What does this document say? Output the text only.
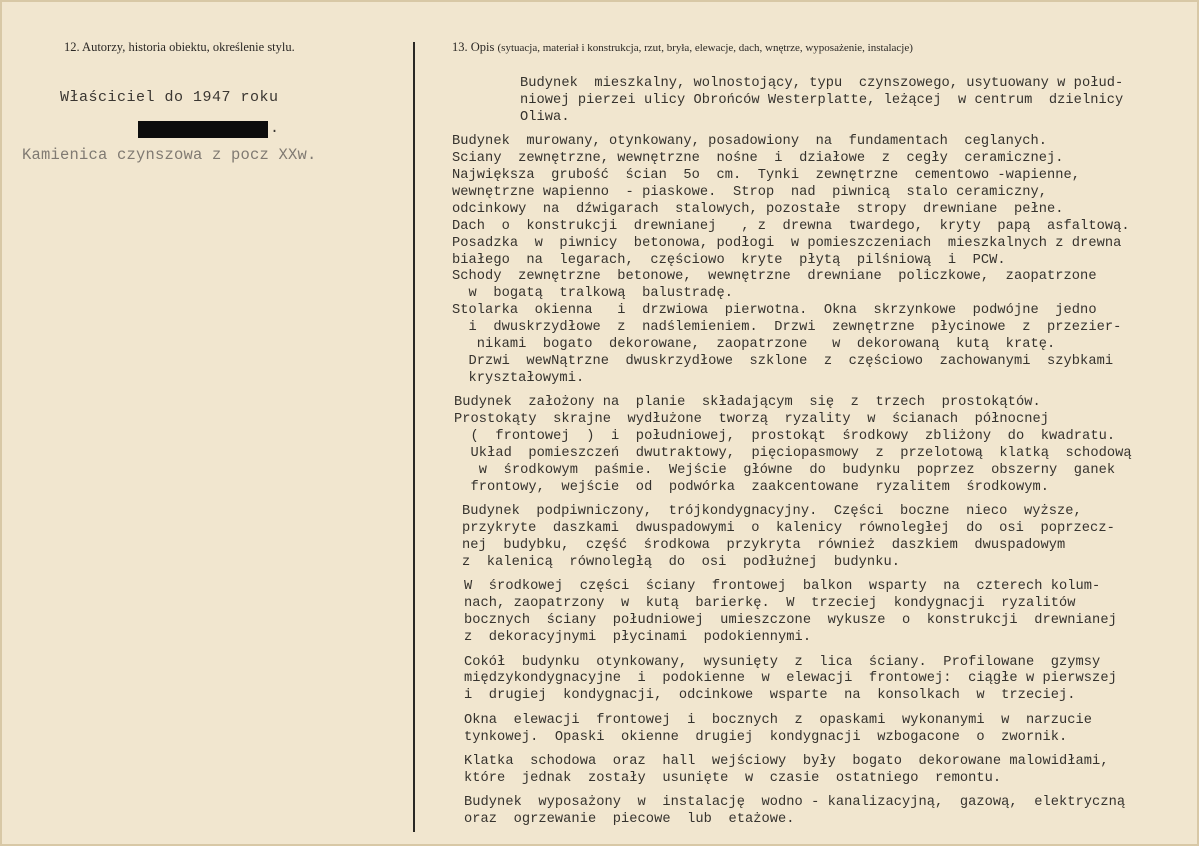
12. Autorzy, historia obiektu, określenie stylu.	13. Opis (sytuacja, materiał i konstrukcja, rzut, bryła, elewacje, dach, wnętrze, wyposażenie, instalacje)
Właściciel do 1947 roku
.
Kamienica czynszowa z pocz XXw.
Budynek  mieszkalny, wolnostojący, typu  czynszowego, usytuowany w połud-
niowej pierzei ulicy Obrońców Westerplatte, leżącej  w centrum  dzielnicy
Oliwa.
Budynek  murowany, otynkowany, posadowiony  na  fundamentach  ceglanych.
Sciany  zewnętrzne, wewnętrzne  nośne  i  działowe  z  cegły  ceramicznej.
Największa  grubość  ścian  5o  cm.  Tynki  zewnętrzne  cementowo -wapienne,
wewnętrzne wapienno  - piaskowe.  Strop  nad  piwnicą  stalo ceramiczny,
odcinkowy  na  dźwigarach  stalowych, pozostałe  stropy  drewniane  pełne.
Dach  o  konstrukcji  drewnianej   , z  drewna  twardego,  kryty  papą  asfaltową.
Posadzka  w  piwnicy  betonowa, podłogi  w pomieszczeniach  mieszkalnych z drewna
białego  na  legarach,  częściowo  kryte  płytą  pilśniową  i  PCW.
Schody  zewnętrzne  betonowe,  wewnętrzne  drewniane  policzkowe,  zaopatrzone
w  bogatą  tralkową  balustradę.
Stolarka  okienna   i  drzwiowa  pierwotna.  Okna  skrzynkowe  podwójne  jedno
i  dwuskrzydłowe  z  nadślemieniem.  Drzwi  zewnętrzne  płycinowe  z  przezier-
nikami  bogato  dekorowane,  zaopatrzone   w  dekorowaną  kutą  kratę.
Drzwi  wewNątrzne  dwuskrzydłowe  szklone  z  częściowo  zachowanymi  szybkami
kryształowymi.
Budynek  założony na  planie  składającym  się  z  trzech  prostokątów.
Prostokąty  skrajne  wydłużone  tworzą  ryzality  w  ścianach  północnej
(  frontowej  )  i  południowej,  prostokąt  środkowy  zbliżony  do  kwadratu.
Układ  pomieszczeń  dwutraktowy,  pięciopasmowy  z  przelotową  klatką  schodową
w  środkowym  paśmie.  Wejście  główne  do  budynku  poprzez  obszerny  ganek
frontowy,  wejście  od  podwórka  zaakcentowane  ryzalitem  środkowym.
Budynek  podpiwniczony,  trójkondygnacyjny.  Części  boczne  nieco  wyższe,
przykryte  daszkami  dwuspadowymi  o  kalenicy  równoległej  do  osi  poprzecz-
nej  budybku,  część  środkowa  przykryta  również  daszkiem  dwuspadowym
z  kalenicą  równoległą  do  osi  podłużnej  budynku.
W  środkowej  części  ściany  frontowej  balkon  wsparty  na  czterech kolum-
nach, zaopatrzony  w  kutą  barierkę.  W  trzeciej  kondygnacji  ryzalitów
bocznych  ściany  południowej  umieszczone  wykusze  o  konstrukcji  drewnianej
z  dekoracyjnymi  płycinami  podokiennymi.
Cokół  budynku  otynkowany,  wysunięty  z  lica  ściany.  Profilowane  gzymsy
międzykondygnacyjne  i  podokienne  w  elewacji  frontowej:  ciągłe w pierwszej
i  drugiej  kondygnacji,  odcinkowe  wsparte  na  konsolkach  w  trzeciej.
Okna  elewacji  frontowej  i  bocznych  z  opaskami  wykonanymi  w  narzucie
tynkowej.  Opaski  okienne  drugiej  kondygnacji  wzbogacone  o  zwornik.
Klatka  schodowa  oraz  hall  wejściowy  były  bogato  dekorowane malowidłami,
które  jednak  zostały  usunięte  w  czasie  ostatniego  remontu.
Budynek  wyposażony  w  instalację  wodno - kanalizacyjną,  gazową,  elektryczną
oraz  ogrzewanie  piecowe  lub  etażowe.
